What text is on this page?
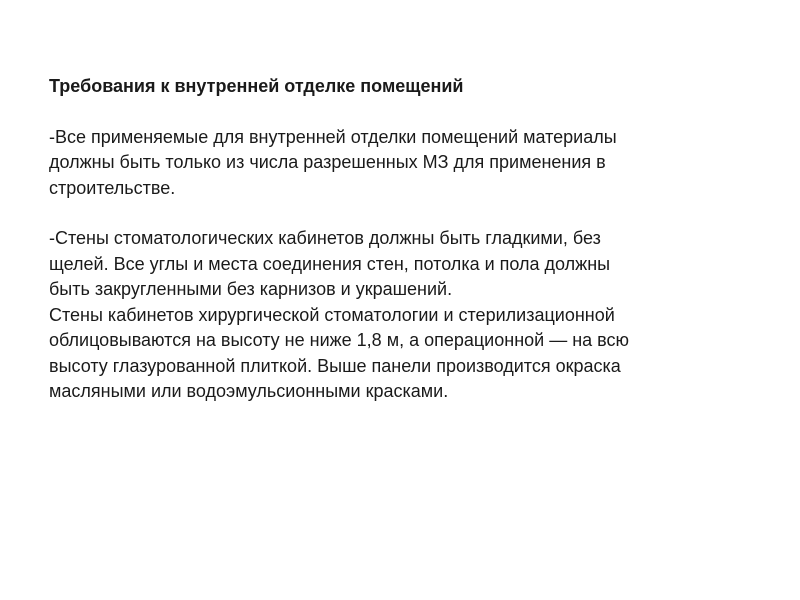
Требования к внутренней отделке помещений

-Все применяемые для внутренней отделки помещений материалы
должны быть только из числа разрешенных МЗ для применения в
строительстве.

-Стены стоматологических кабинетов должны быть гладкими, без
щелей. Все углы и места соединения стен, потолка и пола должны
быть закругленными без карнизов и украшений.

Стены кабинетов хирургической стоматологии и стерилизационной
облицовываются на высоту не ниже 1,8 м, а операционной — на всю
высоту глазурованной плиткой. Выше панели производится окраска
масляными или водоэмульсионными красками.
